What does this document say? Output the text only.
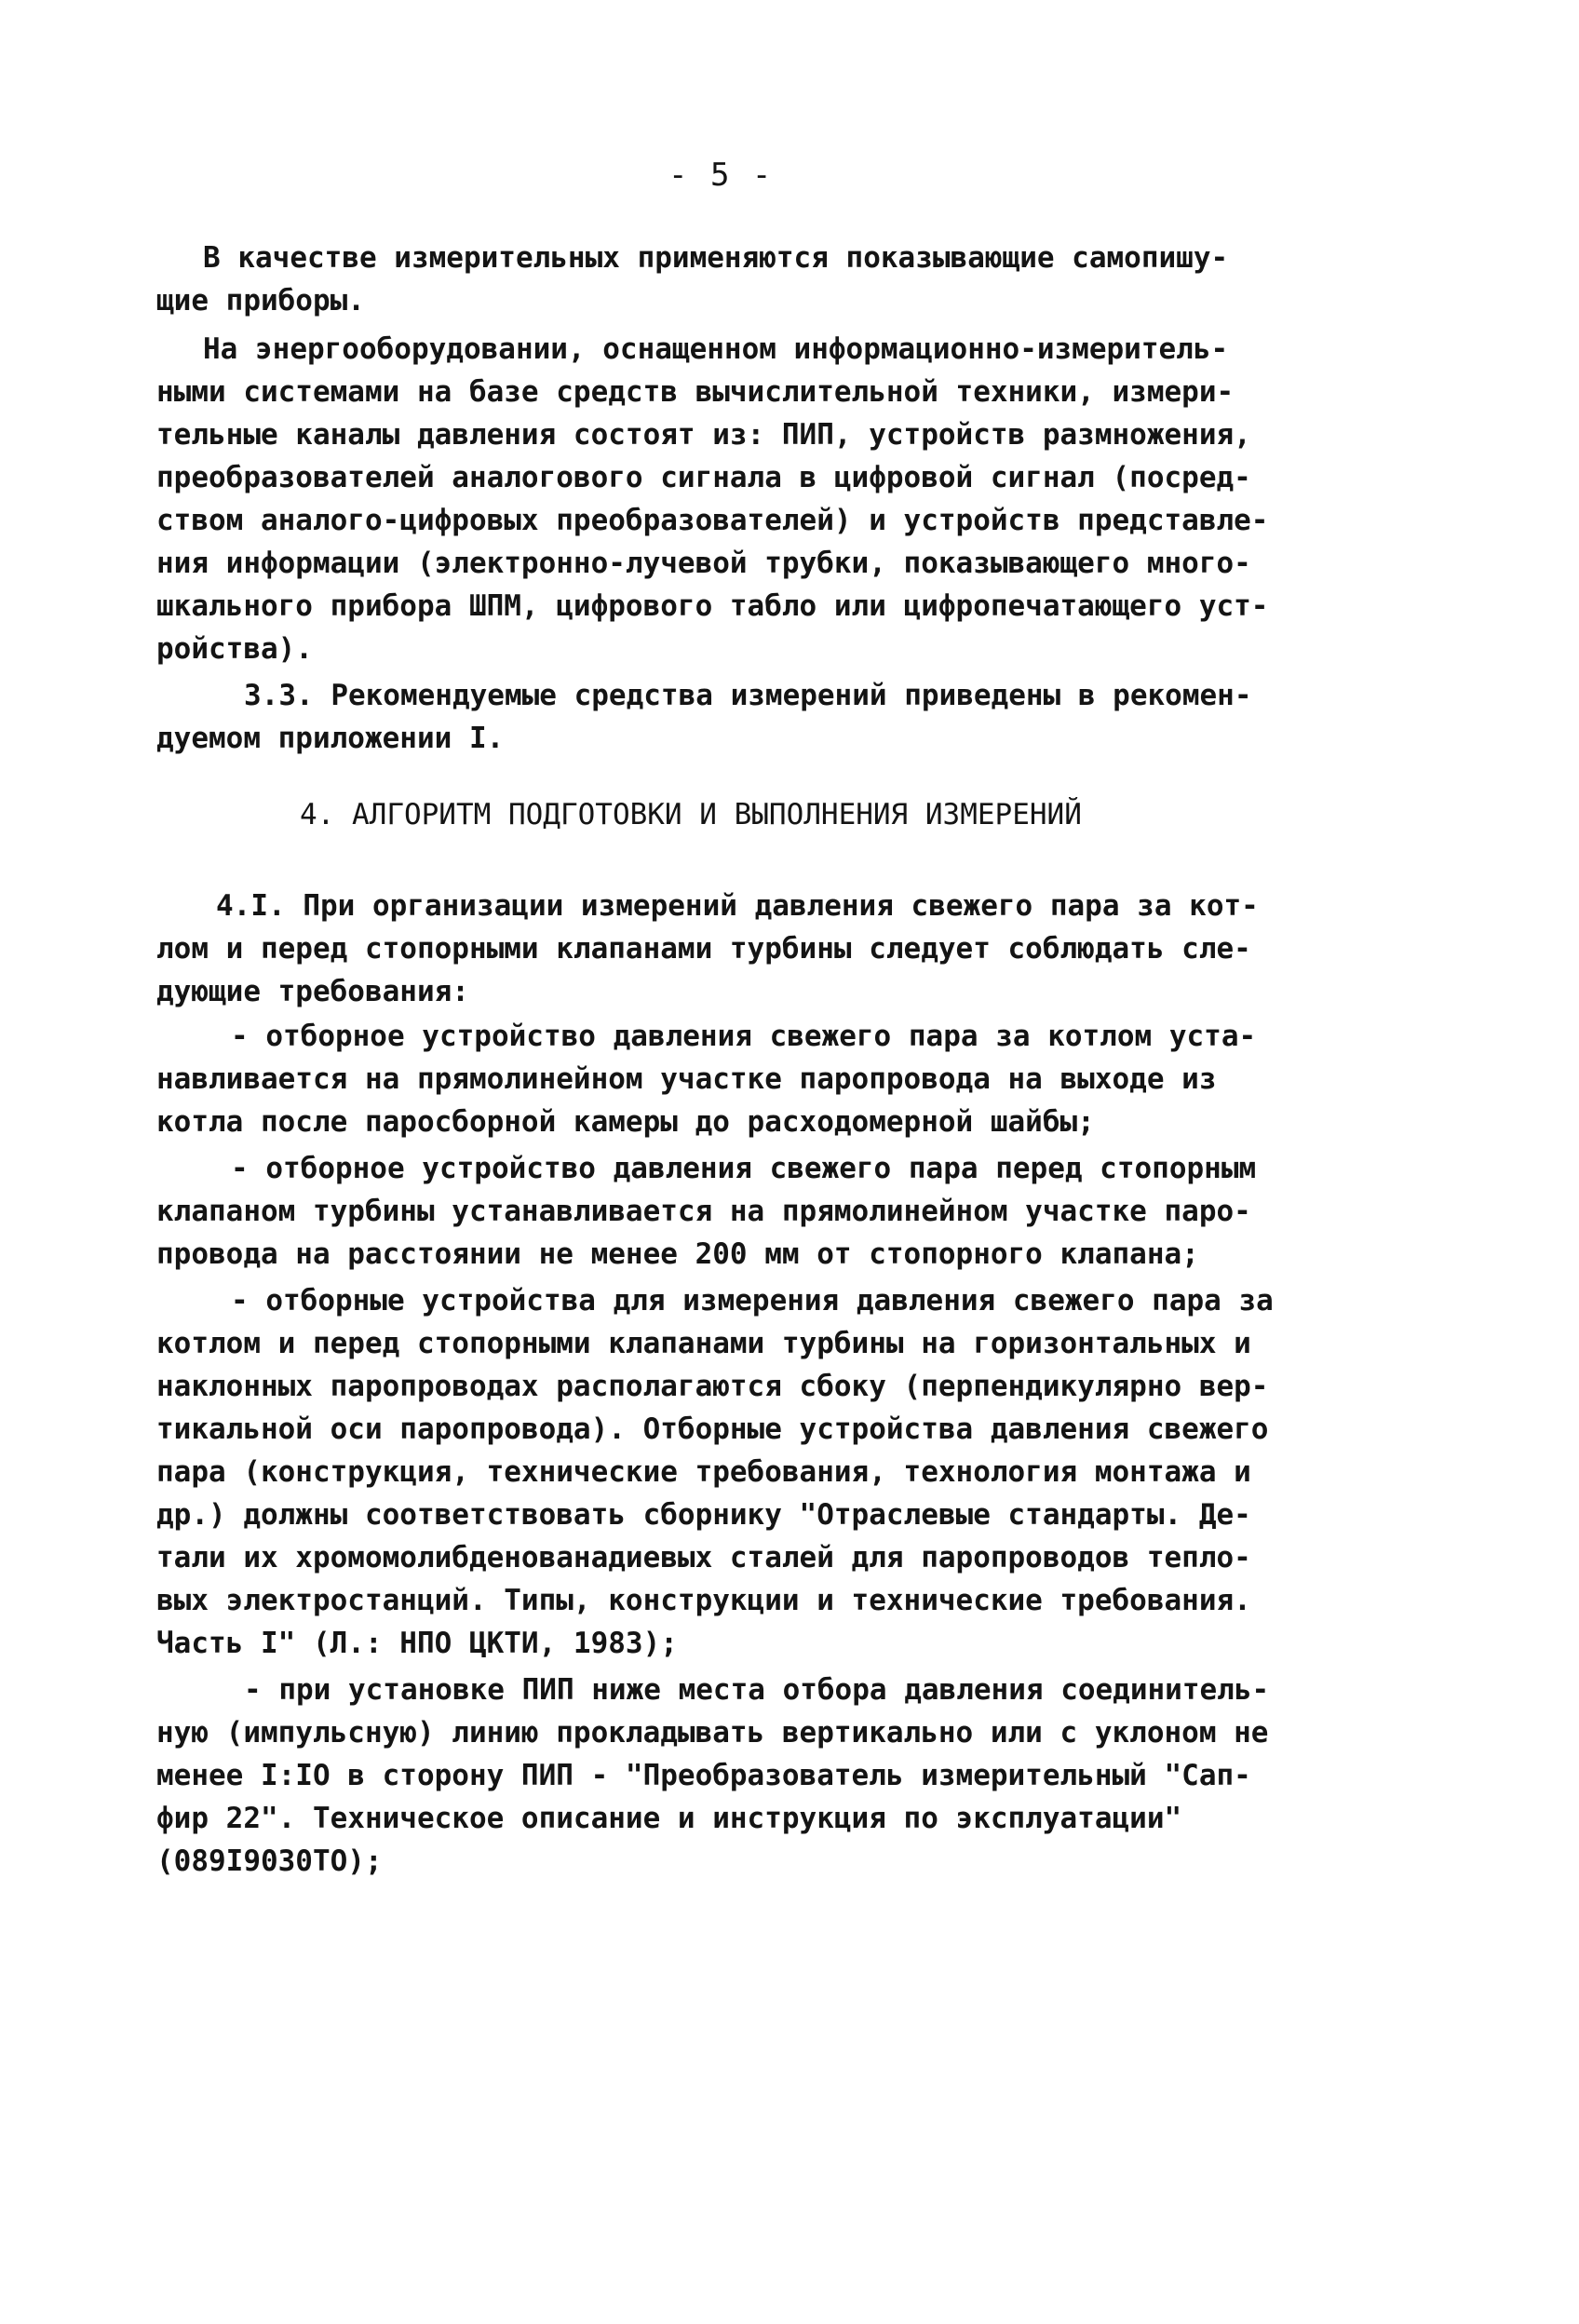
- 5 -

В качестве измерительных применяются показывающие самопишу-

щие приборы.

На энергооборудовании, оснащенном информационно-измеритель-

ными системами на базе средств вычислительной техники, измери-

тельные каналы давления состоят из: ПИП, устройств размножения,

преобразователей аналогового сигнала в цифровой сигнал (посред-

ством аналого-цифровых преобразователей) и устройств представле-

ния информации (электронно-лучевой трубки, показывающего много-

шкального прибора ШПМ, цифрового табло или цифропечатающего уст-

ройства).

3.3. Рекомендуемые средства измерений приведены в рекомен-

дуемом приложении I.

4. АЛГОРИТМ ПОДГОТОВКИ И ВЫПОЛНЕНИЯ ИЗМЕРЕНИЙ

4.I. При организации измерений давления свежего пара за кот-

лом и перед стопорными клапанами турбины следует соблюдать сле-

дующие требования:

- отборное устройство давления свежего пара за котлом уста-

навливается на прямолинейном участке паропровода на выходе из

котла после паросборной камеры до расходомерной шайбы;

- отборное устройство давления свежего пара перед стопорным

клапаном турбины устанавливается на прямолинейном участке паро-

провода на расстоянии не менее 200 мм от стопорного клапана;

- отборные устройства для измерения давления свежего пара за

котлом и перед стопорными клапанами турбины на горизонтальных и

наклонных паропроводах располагаются сбоку (перпендикулярно вер-

тикальной оси паропровода). Отборные устройства давления свежего

пара (конструкция, технические требования, технология монтажа и

др.) должны соответствовать сборнику "Отраслевые стандарты. Де-

тали их хромомолибденованадиевых сталей для паропроводов тепло-

вых электростанций. Типы, конструкции и технические требования.

Часть I" (Л.: НПО ЦКТИ, 1983);

- при установке ПИП ниже места отбора давления соединитель-

ную (импульсную) линию прокладывать вертикально или с уклоном не

менее I:IO в сторону ПИП - "Преобразователь измерительный "Сап-

фир 22". Техническое описание и инструкция по эксплуатации"

(089I9030TO);
